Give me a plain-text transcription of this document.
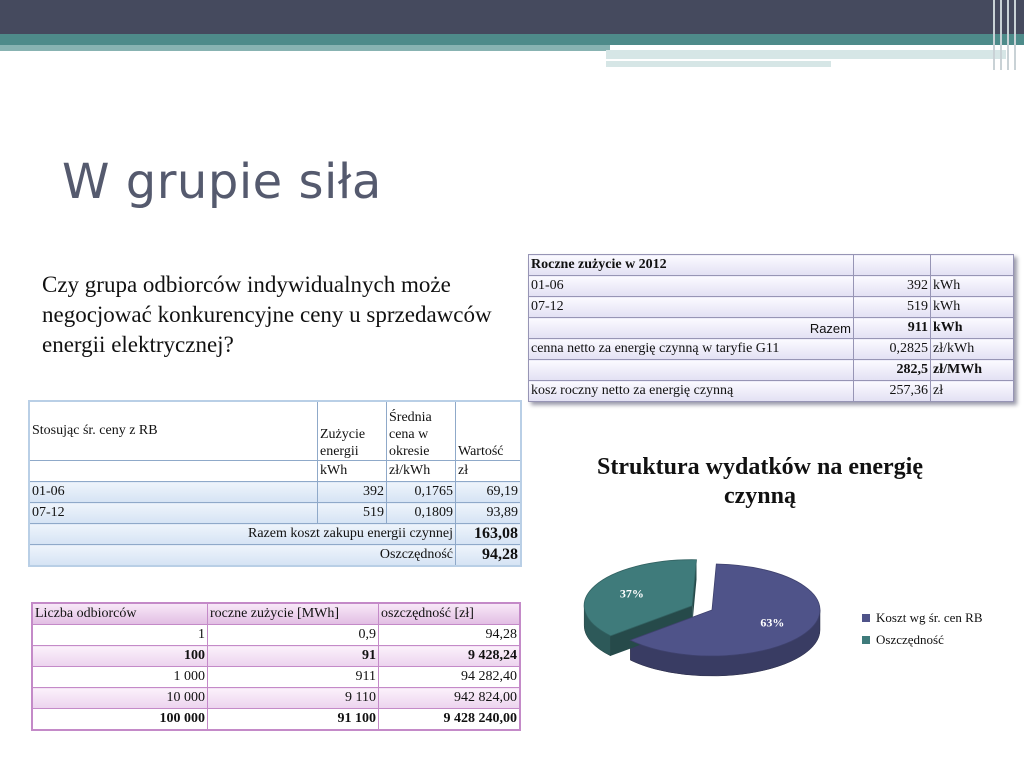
W grupie siła
Czy grupa odbiorców indywidualnych może negocjować konkurencyjne ceny u sprzedawców energii elektrycznej?
Stosując śr. ceny z RB	Zużycie energii	Średnia cena w okresie	Wartość
	kWh	zł/kWh	zł
01-06	392	0,1765	69,19
07-12	519	0,1809	93,89
Razem koszt zakupu energii czynnej			163,08
Oszczędność			94,28
Roczne zużycie w 2012		
01-06	392	kWh
07-12	519	kWh
Razem	911	kWh
cenna netto za energię czynną w taryfie G11	0,2825	zł/kWh
	282,5	zł/MWh
kosz roczny netto za energię czynną	257,36	zł
Liczba odbiorców	roczne zużycie [MWh]	oszczędność [zł]
1	0,9	94,28
100	91	9 428,24
1 000	911	94 282,40
10 000	9 110	942 824,00
100 000	91 100	9 428 240,00
Struktura wydatków na energię czynną
63%
37%
Koszt wg śr. cen RB
Oszczędność
